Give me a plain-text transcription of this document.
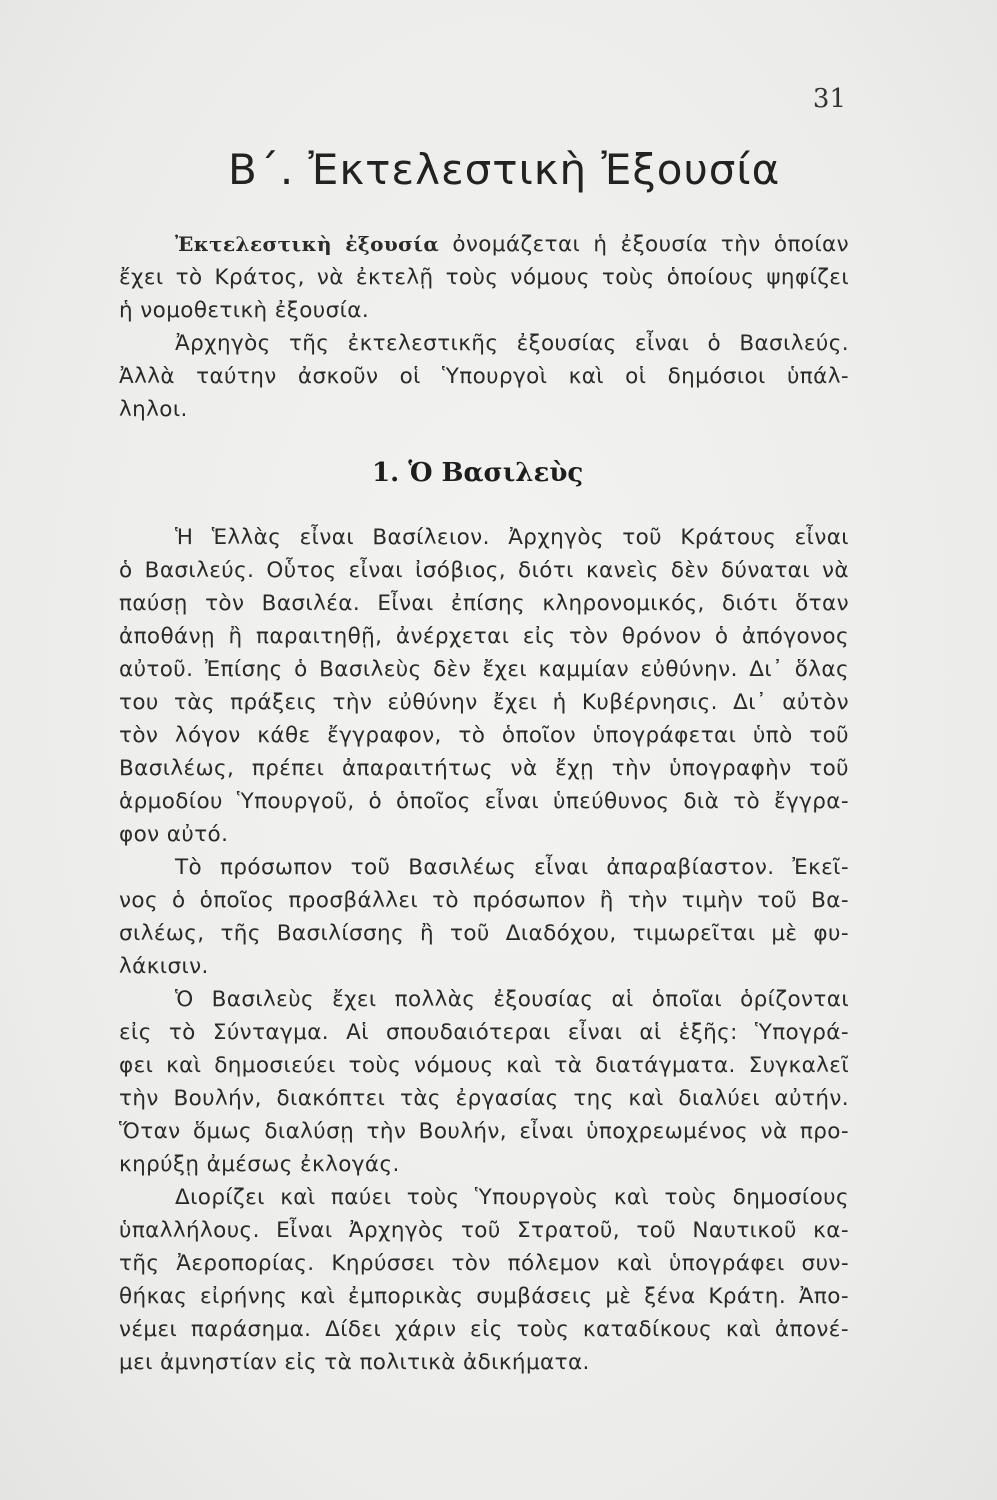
31
Β΄. Ἐκτελεστικὴ Ἐξουσία
Ἐκτελεστικὴ ἐξουσία ὀνομάζεται ἡ ἐξουσία τὴν ὁποίαν
ἔχει τὸ Κράτος, νὰ ἐκτελῇ τοὺς νόμους τοὺς ὁποίους ψηφίζει
ἡ νομοθετικὴ ἐξουσία.
Ἀρχηγὸς τῆς ἐκτελεστικῆς ἐξουσίας εἶναι ὁ Βασιλεύς.
Ἀλλὰ ταύτην ἀσκοῦν οἱ Ὑπουργοὶ καὶ οἱ δημόσιοι ὑπάλ-
ληλοι.
1. Ὁ Βασιλεὺς
Ἡ Ἑλλὰς εἶναι Βασίλειον. Ἀρχηγὸς τοῦ Κράτους εἶναι
ὁ Βασιλεύς. Οὗτος εἶναι ἰσόβιος, διότι κανεὶς δὲν δύναται νὰ
παύσῃ τὸν Βασιλέα. Εἶναι ἐπίσης κληρονομικός, διότι ὅταν
ἀποθάνῃ ἢ παραιτηθῇ, ἀνέρχεται εἰς τὸν θρόνον ὁ ἀπόγονος
αὐτοῦ. Ἐπίσης ὁ Βασιλεὺς δὲν ἔχει καμμίαν εὐθύνην. Δι᾽ ὅλας
του τὰς πράξεις τὴν εὐθύνην ἔχει ἡ Κυβέρνησις. Δι᾽ αὐτὸν
τὸν λόγον κάθε ἔγγραφον, τὸ ὁποῖον ὑπογράφεται ὑπὸ τοῦ
Βασιλέως, πρέπει ἀπαραιτήτως νὰ ἔχῃ τὴν ὑπογραφὴν τοῦ
ἁρμοδίου Ὑπουργοῦ, ὁ ὁποῖος εἶναι ὑπεύθυνος διὰ τὸ ἔγγρα-
φον αὐτό.
Τὸ πρόσωπον τοῦ Βασιλέως εἶναι ἀπαραβίαστον. Ἐκεῖ-
νος ὁ ὁποῖος προσβάλλει τὸ πρόσωπον ἢ τὴν τιμὴν τοῦ Βα-
σιλέως, τῆς Βασιλίσσης ἢ τοῦ Διαδόχου, τιμωρεῖται μὲ φυ-
λάκισιν.
Ὁ Βασιλεὺς ἔχει πολλὰς ἐξουσίας αἱ ὁποῖαι ὁρίζονται
εἰς τὸ Σύνταγμα. Αἱ σπουδαιότεραι εἶναι αἱ ἑξῆς: Ὑπογρά-
φει καὶ δημοσιεύει τοὺς νόμους καὶ τὰ διατάγματα. Συγκαλεῖ
τὴν Βουλήν, διακόπτει τὰς ἐργασίας της καὶ διαλύει αὐτήν.
Ὅταν ὅμως διαλύσῃ τὴν Βουλήν, εἶναι ὑποχρεωμένος νὰ προ-
κηρύξῃ ἀμέσως ἐκλογάς.
Διορίζει καὶ παύει τοὺς Ὑπουργοὺς καὶ τοὺς δημοσίους
ὑπαλλήλους. Εἶναι Ἀρχηγὸς τοῦ Στρατοῦ, τοῦ Ναυτικοῦ κα-
τῆς Ἀεροπορίας. Κηρύσσει τὸν πόλεμον καὶ ὑπογράφει συν-
θήκας εἰρήνης καὶ ἐμπορικὰς συμβάσεις μὲ ξένα Κράτη. Ἀπο-
νέμει παράσημα. Δίδει χάριν εἰς τοὺς καταδίκους καὶ ἀπονέ-
μει ἀμνηστίαν εἰς τὰ πολιτικὰ ἀδικήματα.
